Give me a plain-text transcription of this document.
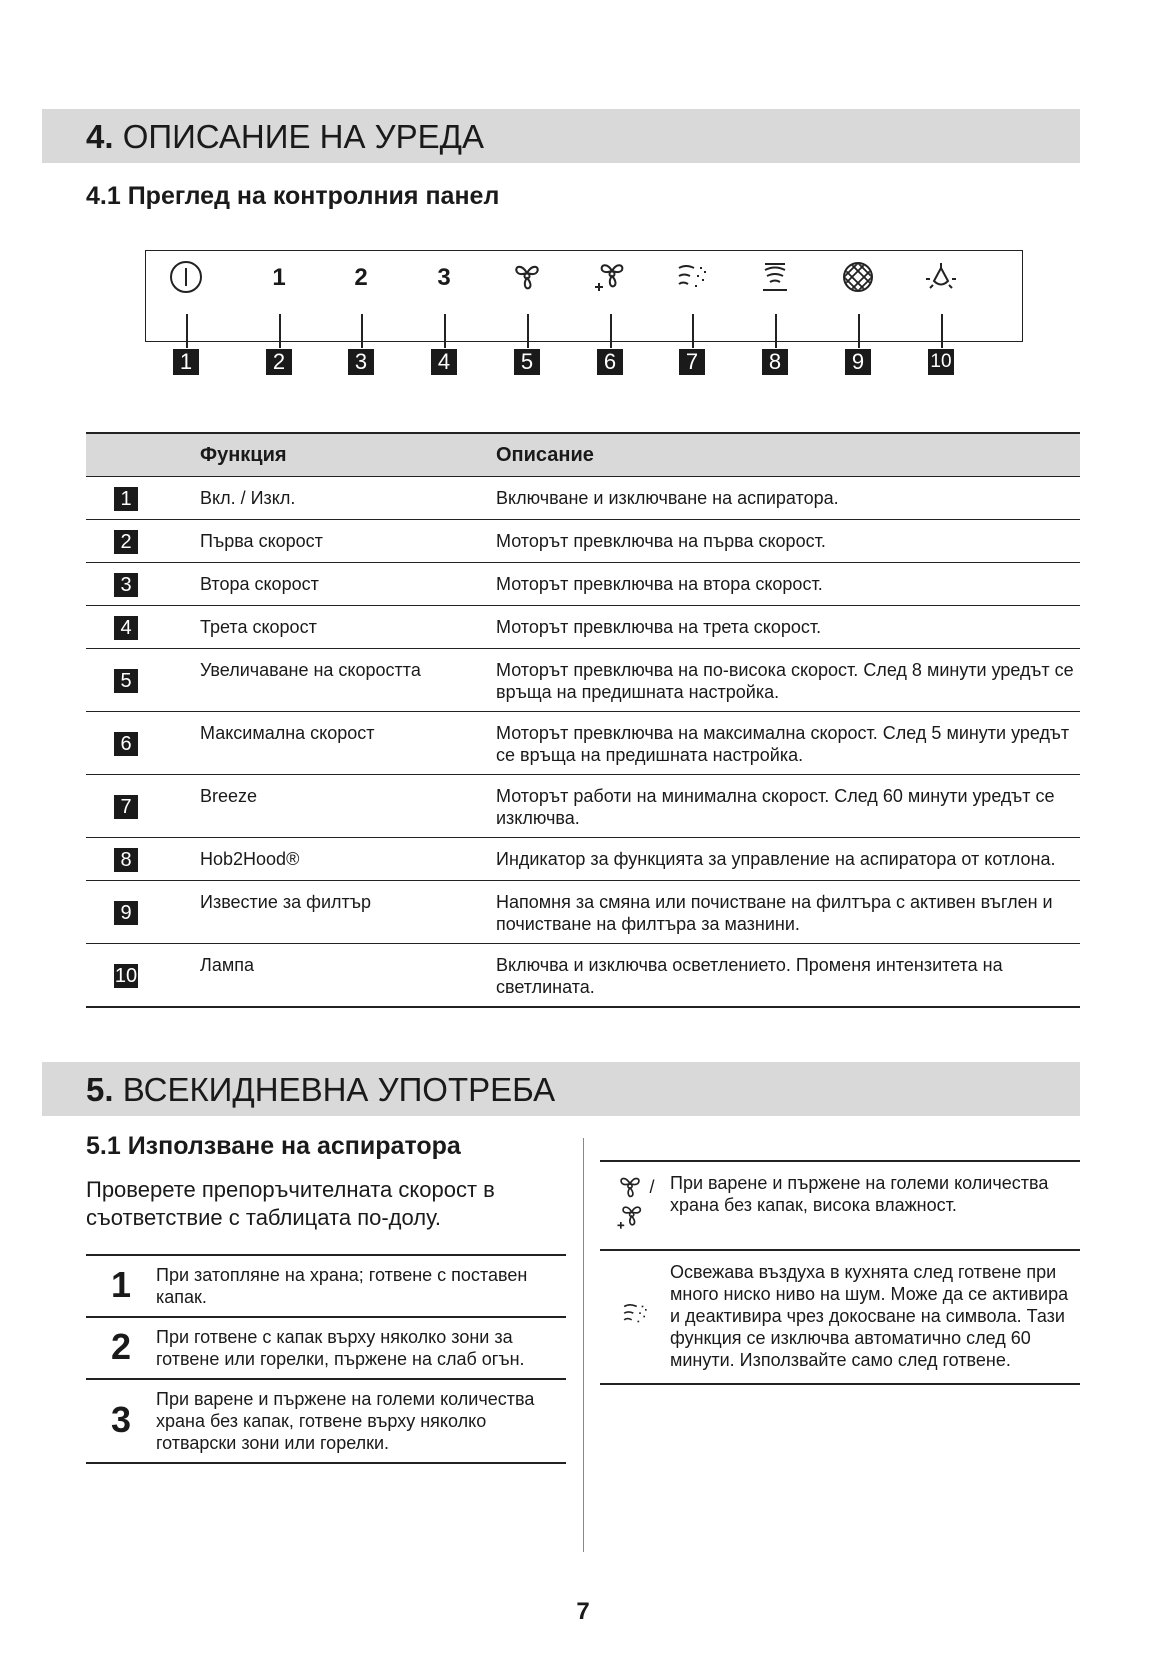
4. ОПИСАНИЕ НА УРЕДА
4.1 Преглед на контролния панел
1
1
2
2
3
3
4	5	6	7	8	9	10
	Функция	Описание
1	Вкл. / Изкл.	Включване и изключване на аспиратора.
2	Първа скорост	Моторът превключва на първа скорост.
3	Втора скорост	Моторът превключва на втора скорост.
4	Трета скорост	Моторът превключва на трета скорост.
5	Увеличаване на скоростта	Моторът превключва на по-висока скорост. След 8 минути уредът се връща на предишната настройка.
6	Максимална скорост	Моторът превключва на максимална скорост. След 5 минути уредът се връща на предишната настройка.
7	Breeze	Моторът работи на минимална скорост. След 60 минути уредът се изключва.
8	Hob2Hood®	Индикатор за функцията за управление на аспиратора от котлона.
9	Известие за филтър	Напомня за смяна или почистване на филтъра с активен въглен и почистване на филтъра за мазнини.
10	Лампа	Включва и изключва осветлението. Променя интензитета на светлината.
5. ВСЕКИДНЕВНА УПОТРЕБА
5.1 Използване на аспиратора
Проверете препоръчителната скорост в съответствие с таблицата по-долу.
1	При затопляне на храна; готвене с поставен капак.
2	При готвене с капак върху няколко зони за готвене или горелки, пържене на слаб огън.
3	При варене и пържене на големи количества храна без капак, готвене върху няколко готварски зони или горелки.
/	При варене и пържене на големи количества храна без капак, висока влажност.
	Освежава въздуха в кухнята след готвене при много ниско ниво на шум. Може да се активира и деактивира чрез докосване на символа. Тази функция се изключва автоматично след 60 минути. Използвайте само след готвене.
7
